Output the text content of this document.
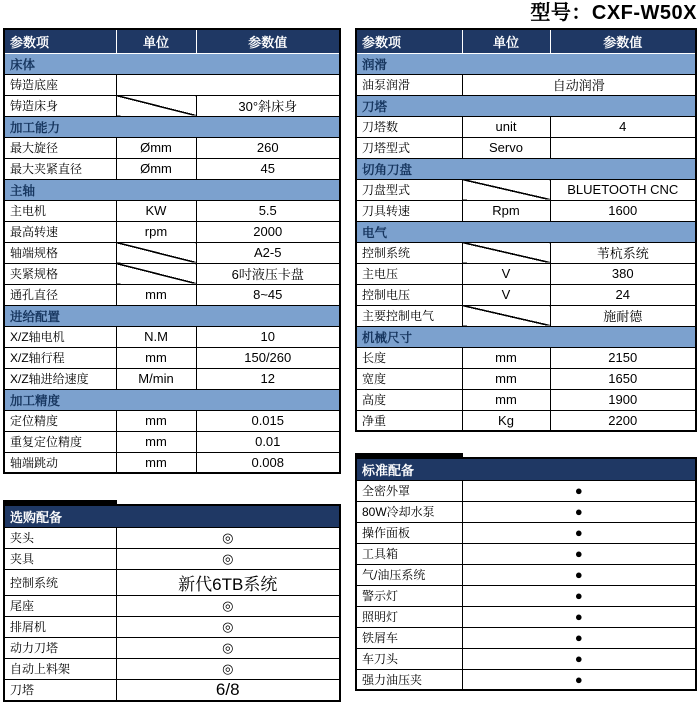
参数项	单位	参数值
床体		
铸造底座		
铸造床身		30°斜床身
加工能力		
最大旋径	Ømm	260
最大夹紧直径	Ømm	45
主轴		
主电机	KW	5.5
最高转速	rpm	2000
轴端规格		A2-5
夹紧规格		6吋液压卡盘
通孔直径	mm	8~45
进给配置		
X/Z轴电机	N.M	10
X/Z轴行程	mm	150/260
X/Z轴进给速度	M/min	12
加工精度		
定位精度	mm	0.015
重复定位精度	mm	0.01
轴端跳动	mm	0.008
选购配备	
夹头	◎
夹具	◎
控制系统	新代6TB系统
尾座	◎
排屑机	◎
动力刀塔	◎
自动上料架	◎
刀塔	6/8
型号：CXF-W50X
参数项	单位	参数值
润滑		
油泵润滑	自动润滑	
刀塔		
刀塔数	unit	4
刀塔型式	Servo	
切角刀盘		
刀盘型式		BLUETOOTH CNC
刀具转速	Rpm	1600
电气		
控制系统		苇杭系统
主电压	V	380
控制电压	V	24
主要控制电气		施耐德
机械尺寸		
长度	mm	2150
宽度	mm	1650
高度	mm	1900
净重	Kg	2200
标准配备	
全密外罩	●
80W冷却水泵	●
操作面板	●
工具箱	●
气/油压系统	●
警示灯	●
照明灯	●
铁屑车	●
车刀头	●
强力油压夹	●
